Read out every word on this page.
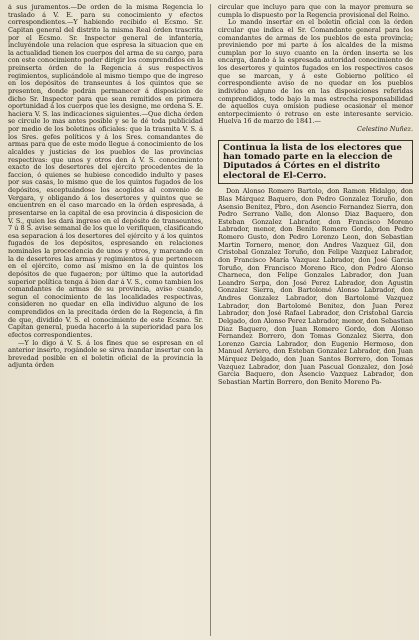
á sus juramentos.—De orden de la misma Regencia lo traslado á V. E. para su conocimiento y efectos correspondientes.—Y habiendo recibido el Ecsmo. Sr. Capitan general del distrito la misma Real órden trascrita por el Ecsmo. Sr. Inspector general de infantería, incluyéndole una relacion que espresa la situacion que en la actualidad tienen los cuerpos del arma de su cargo, para con este conocimiento poder dirigir los comprendidos en la preinserta órden de la Regencia á sus respectivos regimientos, suplicándole al mismo tiempo que de ingreso en los depósitos de transeuntes á los quintos que se presenten, donde podrán permanecer á disposicion de dicho Sr. Inspector para que sean remitidos en primera oportunidad á los cuerpos que les designe, me ordena S. E. haciera V. S. las indicaciones siguientes.—Que dicha órden se circule lo mas antes posible y se le dé toda publicidad por medio de los boletines oficiales: que la trasmita V. S. á los Sres. gefes políticos y á los Sres. comandantes de armas para que de este modo llegue á conocimiento de los alcaldes y justicias de los pueblos de las provincias respectivas: que unos y otros den á V. S. conocimiento exacto de los desertores del ejército procedentes de la faccion, ó quienes se hubiese concedido indulto y pases por sus casas, lo mismo que de los quintos fugados de los depósitos, esceptuándose los acogidos al convenio de Vergara, y obligando á los desertores y quintos que se encuentren en el caso marcado en la órden espresada, á presentarse en la capital de esa provincia á disposicion de V. S., quien les dará ingreso en el depósito de transeuntes, 7 ú 8 S. avise semanal de los que lo verifiquen, clasificando esa separacion á los desertores del ejército y á los quintos fugados de los depósitos, espresando en relaciones nominales la procedencia de unos y otros, y marcando en la de desertores las armas y regimientos á que pertenecen en el ejército, como así mismo en la de quintos los depósitos de que fugaeron; por último que la autoridad superior política tenga á bien dar á V. S., como tambien los comandantes de armas de su provincia, aviso cuando, segun el conocimiento de las localidades respectivas, consideren no quedar en ella individuo alguno de los comprendidos en la precitada órden de la Regencia, á fin de que, dividido V. S. el conocimiento de este Ecsmo. Sr. Capitan general, pueda hacerlo á la superioridad para los efectos correspondientes.

—Y lo digo á V. S. á los fines que se espresan en el anterior inserto, rogándole se sirva mandar insertar con la brevedad posible en el boletin oficial de la provincia la adjunta órden

circular que incluyo para que con la mayor premura se cumpla lo dispuesto por la Regencia provisional del Reino.

Lo mando insertar en el boletin oficial con la órden circular que indica el Sr. Comandante general para los comandantes de armas de los pueblos de esta provincia; previniendo por mi parte á los alcaldes de la misma cumplan por lo suyo cuanto en la órden inserta se les encarga, dando á la espresada autoridad conocimiento de los desertores y quintos fugados en los respectivos casos que se marcan, y á este Gobierno político el correspondiente aviso de no quedar en los pueblos individuo alguno de los en las disposiciones referidas comprendidos, todo bajo la mas estrecha responsabilidad de aquellos cuya omision pudiese ocasionar el menor entorpecimiento ó retraso en este interesante servicio. Huelva 16 de marzo de 1841.—

Celestino Nuñez.

Continua la lista de los electores que han tomado parte en la eleccion de Diputados á Córtes en el distrito electoral de El-Cerro.

Don Alonso Romero Bartolo, don Ramon Hidalgo, don Blas Márquez Baquero, don Pedro Gonzalez Toruño, don Asensio Benitez, Pbro., don Asencio Fernandez Sierra, don Pedro Serrano Valle, don Alonso Diaz Baquero, don Esteban Gonzalez Labrador, don Francisco Moreno Labrador, menor, don Benito Romero Gordo, don Pedro Romero Gusto, don Pedro Lorenzo Leon, don Sebastian Martin Tornero, menor, don Andres Vazquez Gil, don Cristobal Gonzalez Toruño, don Felipe Vazquez Labrador, don Francisco María Vazquez Labrador, don José Garcia Toruño, don Francisco Moreno Rico, don Pedro Alonso Charneca, don Felipe Gonzales Labrador, don Juan Leandro Serpa, don José Perez Labrador, don Agustin Gonzalez Sierra, don Bartolomé Alonso Labrador, don Andres Gonzalez Labrador, don Bartolomé Vazquez Labrador, don Bartolomé Benitez, don Juan Perez Labrador, don José Rafael Labrador, don Cristobal Garcia Delgado, don Alonso Perez Labrador, menor, don Sebastian Diaz Baquero, don Juan Romero Gordo, don Alonso Fernandez Borrero, don Tomas Gonzalez Sierra, don Lorenzo Garcia Labrador, don Eugenio Hermoso, don Manuel Arriero, don Esteban Gonzalez Labrador, don Juan Márquez Delgado, don Juan Santos Borrero, don Tomas Vazquez Labrador, don Juan Pascual Gonzalez, don José Garcia Baquero, don Asencio Vazquez Labrador, don Sebastian Martin Borrero, don Benito Moreno Pa-
